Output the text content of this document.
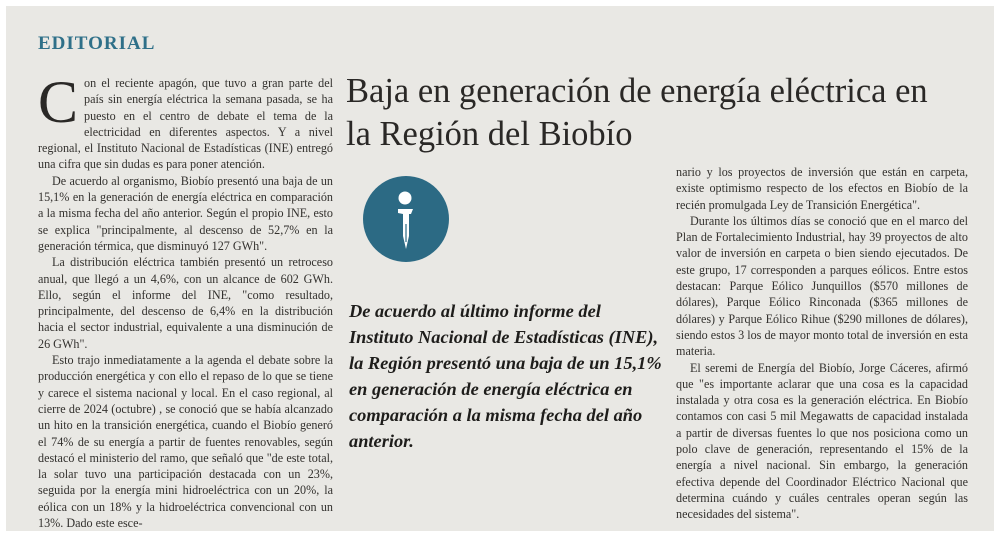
EDITORIAL
Baja en generación de energía eléctrica en la Región del Biobío

Con el reciente apagón, que tuvo a gran parte del país sin energía eléctrica la semana pasada, se ha puesto en el centro de debate el tema de la electricidad en diferentes aspectos. Y a nivel regional, el Instituto Nacional de Estadísticas (INE) entregó una cifra que sin dudas es para poner atención.

De acuerdo al organismo, Biobío presentó una baja de un 15,1% en la generación de energía eléctrica en comparación a la misma fecha del año anterior. Según el propio INE, esto se explica "principalmente, al descenso de 52,7% en la generación térmica, que disminuyó 127 GWh".

La distribución eléctrica también presentó un retroceso anual, que llegó a un 4,6%, con un alcance de 602 GWh. Ello, según el informe del INE, "como resultado, principalmente, del descenso de 6,4% en la distribución hacia el sector industrial, equivalente a una disminución de 26 GWh".

Esto trajo inmediatamente a la agenda el debate sobre la producción energética y con ello el repaso de lo que se tiene y carece el sistema nacional y local. En el caso regional, al cierre de 2024 (octubre) , se conoció que se había alcanzado un hito en la transición energética, cuando el Biobío generó el 74% de su energía a partir de fuentes renovables, según destacó el ministerio del ramo, que señaló que "de este total, la solar tuvo una participación destacada con un 23%, seguida por la energía mini hidroeléctrica con un 20%, la eólica con un 18% y la hidroeléctrica convencional con un 13%. Dado este esce-

De acuerdo al último informe del Instituto Nacional de Estadísticas (INE), la Región presentó una baja de un 15,1% en generación de energía eléctrica en comparación a la misma fecha del año anterior.

nario y los proyectos de inversión que están en carpeta, existe optimismo respecto de los efectos en Biobío de la recién promulgada Ley de Transición Energética".

Durante los últimos días se conoció que en el marco del Plan de Fortalecimiento Industrial, hay 39 proyectos de alto valor de inversión en carpeta o bien siendo ejecutados. De este grupo, 17 corresponden a parques eólicos. Entre estos destacan: Parque Eólico Junquillos ($570 millones de dólares), Parque Eólico Rinconada ($365 millones de dólares) y Parque Eólico Rihue ($290 millones de dólares), siendo estos 3 los de mayor monto total de inversión en esta materia.

El seremi de Energía del Biobío, Jorge Cáceres, afirmó que "es importante aclarar que una cosa es la capacidad instalada y otra cosa es la generación eléctrica. En Biobío contamos con casi 5 mil Megawatts de capacidad instalada a partir de diversas fuentes lo que nos posiciona como un polo clave de generación, representando el 15% de la energía a nivel nacional. Sin embargo, la generación efectiva depende del Coordinador Eléctrico Nacional que determina cuándo y cuáles centrales operan según las necesidades del sistema".
